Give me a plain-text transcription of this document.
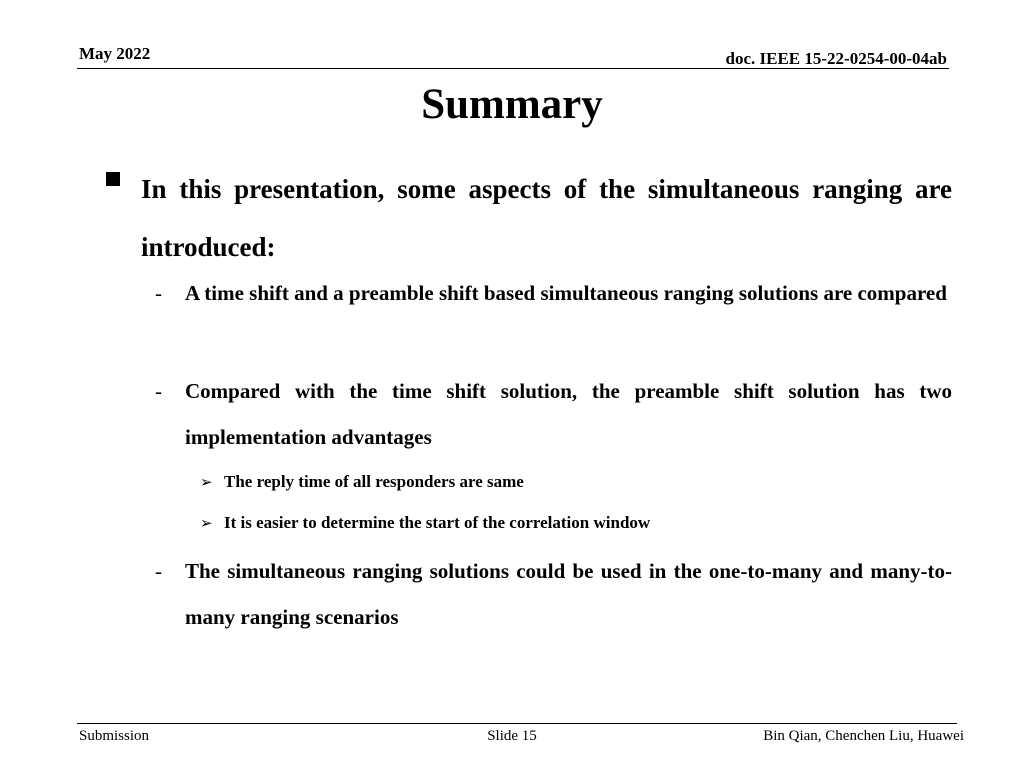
May 2022	doc. IEEE 15-22-0254-00-04ab
Summary
In this presentation, some aspects of the simultaneous ranging are introduced:
- A time shift and a preamble shift based simultaneous ranging solutions are compared
- Compared with the time shift solution, the preamble shift solution has two implementation advantages
➢ The reply time of all responders are same
➢ It is easier to determine the start of the correlation window
- The simultaneous ranging solutions could be used in the one-to-many and many-to-many ranging scenarios
Submission	Slide 15	Bin Qian, Chenchen Liu, Huawei
